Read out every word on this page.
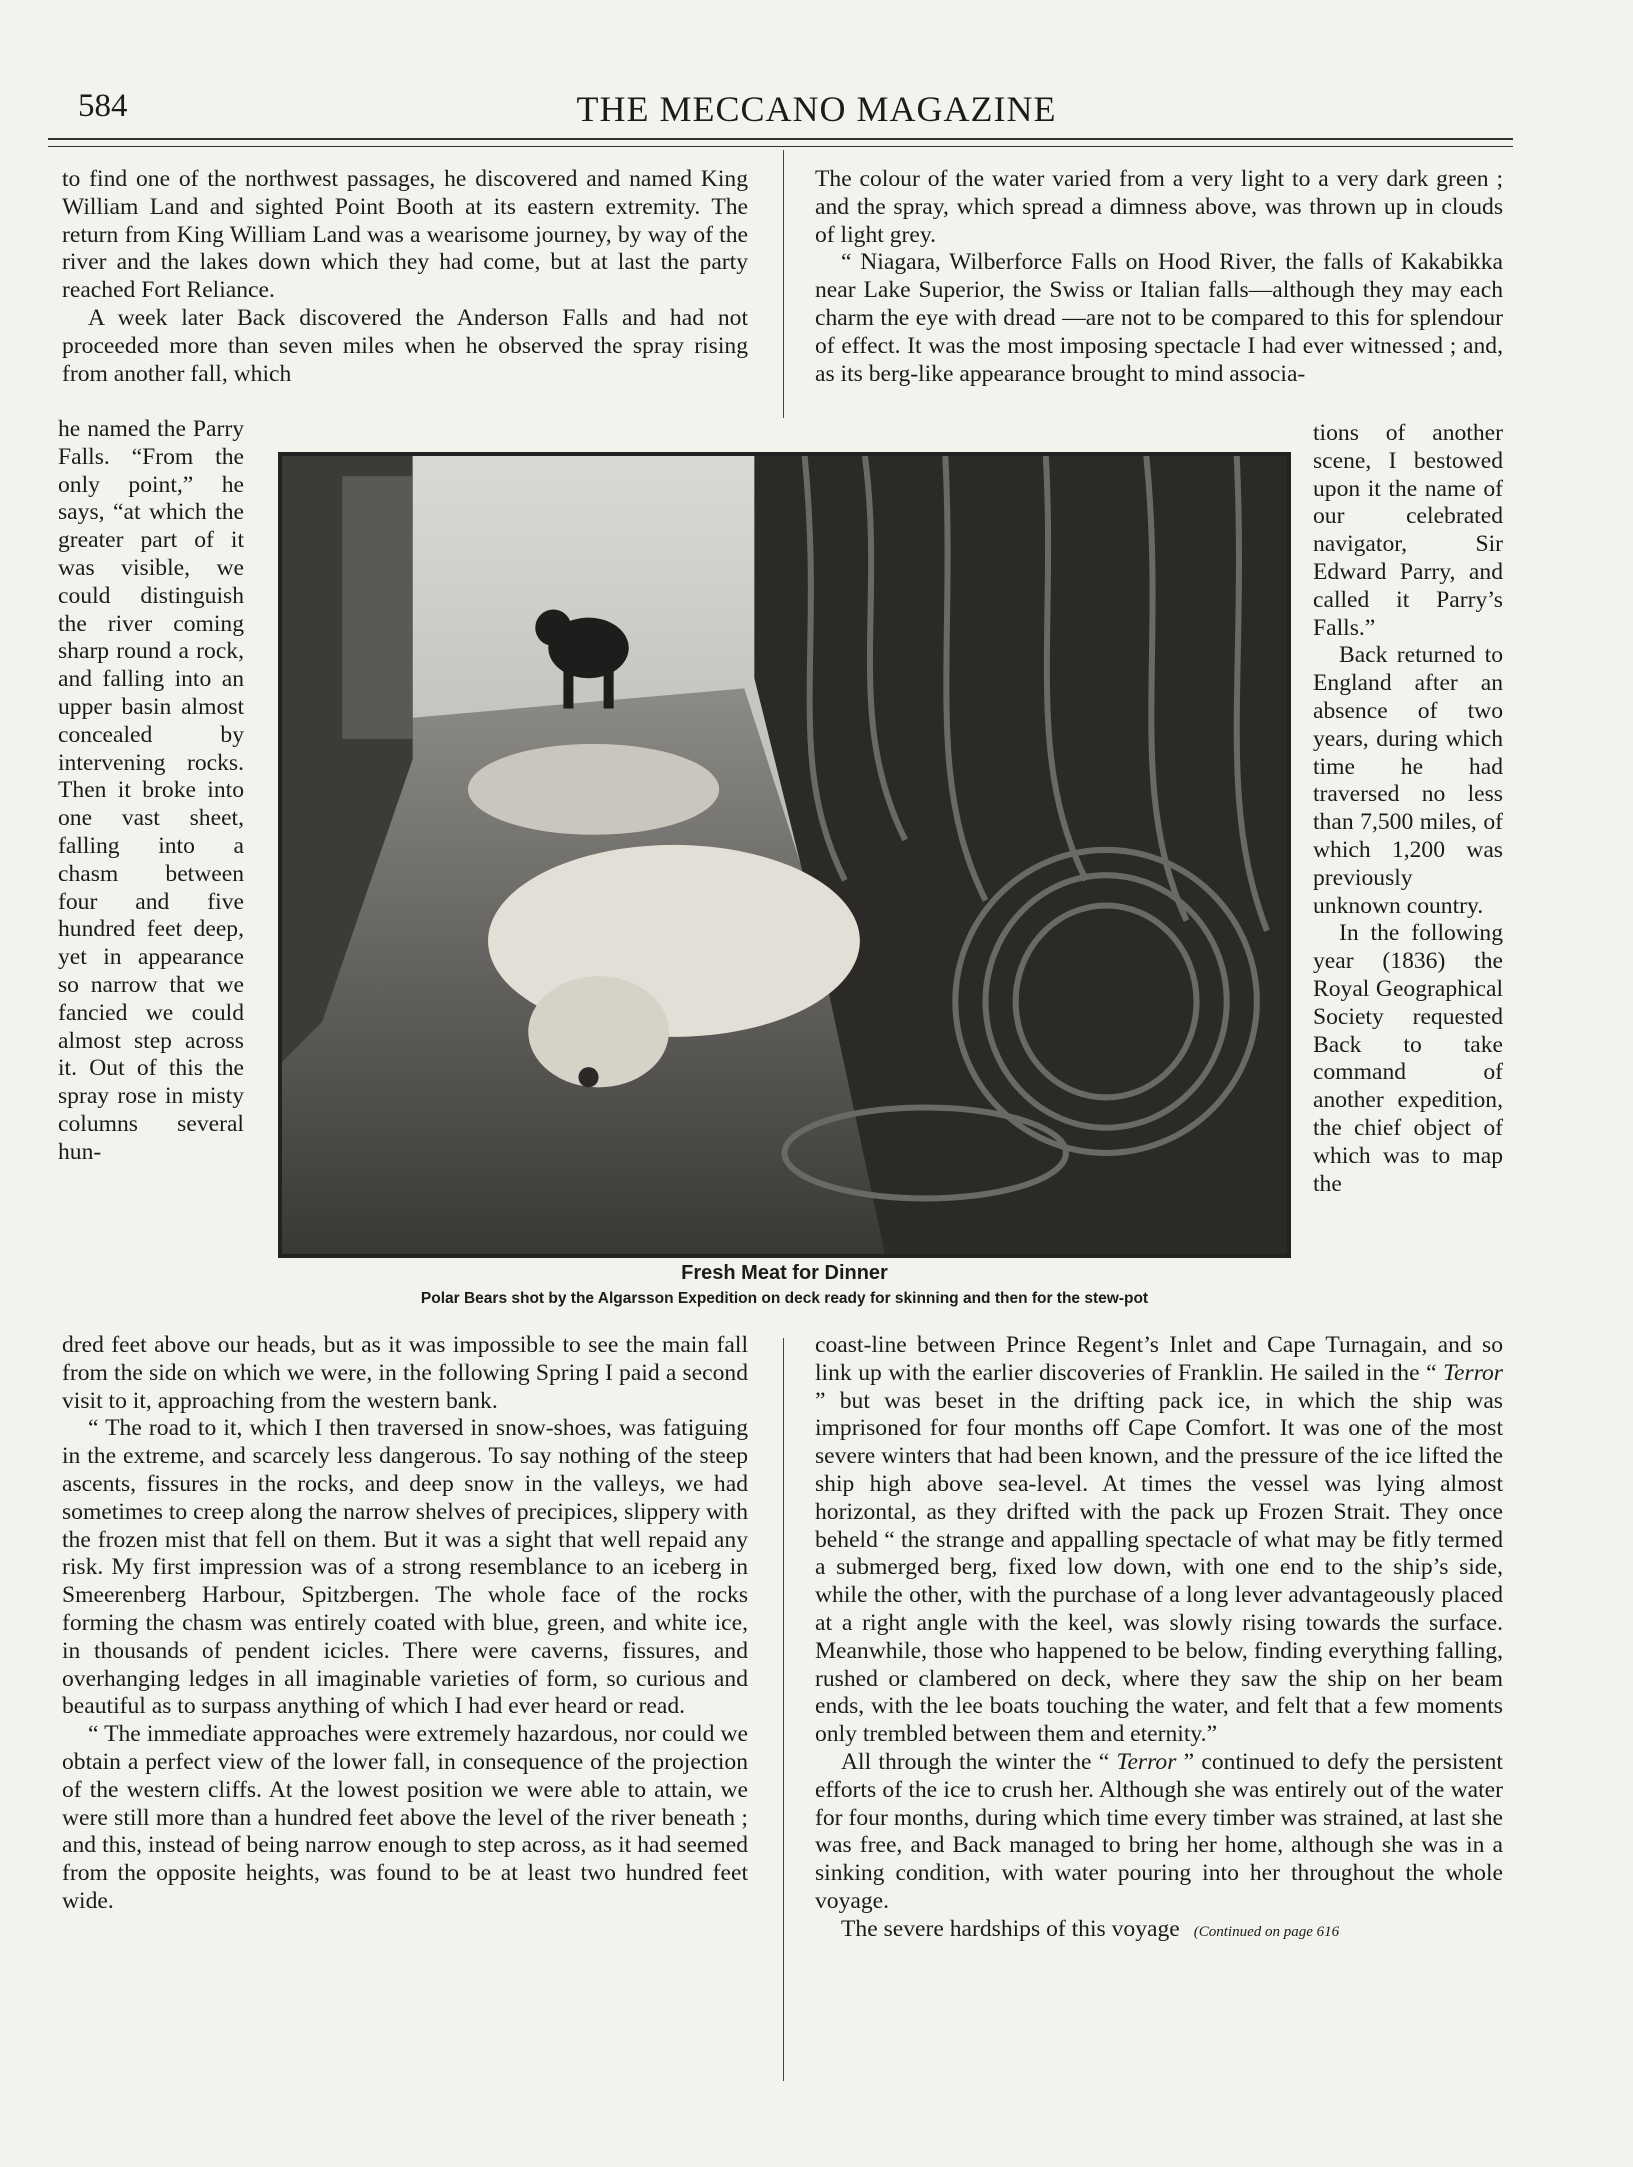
584	THE MECCANO MAGAZINE

to find one of the northwest passages, he discovered and named King William Land and sighted Point Booth at its eastern extremity. The return from King William Land was a wearisome journey, by way of the river and the lakes down which they had come, but at last the party reached Fort Reliance.

A week later Back discovered the Anderson Falls and had not proceeded more than seven miles when he observed the spray rising from another fall, which

he named the Parry Falls. “From the only point,” he says, “at which the greater part of it was visible, we could distinguish the river coming sharp round a rock, and falling into an upper basin almost concealed by intervening rocks. Then it broke into one vast sheet, falling into a chasm between four and five hundred feet deep, yet in appearance so narrow that we fancied we could almost step across it. Out of this the spray rose in misty columns several hun-

Fresh Meat for Dinner
Polar Bears shot by the Algarsson Expedition on deck ready for skinning and then for the stew-pot

dred feet above our heads, but as it was impossible to see the main fall from the side on which we were, in the following Spring I paid a second visit to it, approaching from the western bank.

“ The road to it, which I then traversed in snow-shoes, was fatiguing in the extreme, and scarcely less dangerous. To say nothing of the steep ascents, fissures in the rocks, and deep snow in the valleys, we had sometimes to creep along the narrow shelves of precipices, slippery with the frozen mist that fell on them. But it was a sight that well repaid any risk. My first impression was of a strong resemblance to an iceberg in Smeerenberg Harbour, Spitzbergen. The whole face of the rocks forming the chasm was entirely coated with blue, green, and white ice, in thousands of pendent icicles. There were caverns, fissures, and overhanging ledges in all imaginable varieties of form, so curious and beautiful as to surpass anything of which I had ever heard or read.

“ The immediate approaches were extremely hazardous, nor could we obtain a perfect view of the lower fall, in consequence of the projection of the western cliffs. At the lowest position we were able to attain, we were still more than a hundred feet above the level of the river beneath ; and this, instead of being narrow enough to step across, as it had seemed from the opposite heights, was found to be at least two hundred feet wide.

The colour of the water varied from a very light to a very dark green ; and the spray, which spread a dimness above, was thrown up in clouds of light grey.

“ Niagara, Wilberforce Falls on Hood River, the falls of Kakabikka near Lake Superior, the Swiss or Italian falls—although they may each charm the eye with dread —are not to be compared to this for splendour of effect. It was the most imposing spectacle I had ever witnessed ; and, as its berg-like appearance brought to mind associa-

tions of another scene, I bestowed upon it the name of our celebrated navigator, Sir Edward Parry, and called it Parry’s Falls.”

Back returned to England after an absence of two years, during which time he had traversed no less than 7,500 miles, of which 1,200 was previously unknown country.

In the following year (1836) the Royal Geographical Society requested Back to take command of another expedition, the chief object of which was to map the

coast-line between Prince Regent’s Inlet and Cape Turnagain, and so link up with the earlier discoveries of Franklin. He sailed in the “ Terror ” but was beset in the drifting pack ice, in which the ship was imprisoned for four months off Cape Comfort. It was one of the most severe winters that had been known, and the pressure of the ice lifted the ship high above sea-level. At times the vessel was lying almost horizontal, as they drifted with the pack up Frozen Strait. They once beheld “ the strange and appalling spectacle of what may be fitly termed a submerged berg, fixed low down, with one end to the ship’s side, while the other, with the purchase of a long lever advantageously placed at a right angle with the keel, was slowly rising towards the surface. Meanwhile, those who happened to be below, finding everything falling, rushed or clambered on deck, where they saw the ship on her beam ends, with the lee boats touching the water, and felt that a few moments only trembled between them and eternity.”

All through the winter the “ Terror ” continued to defy the persistent efforts of the ice to crush her. Although she was entirely out of the water for four months, during which time every timber was strained, at last she was free, and Back managed to bring her home, although she was in a sinking condition, with water pouring into her throughout the whole voyage.

The severe hardships of this voyage (Continued on page 616
